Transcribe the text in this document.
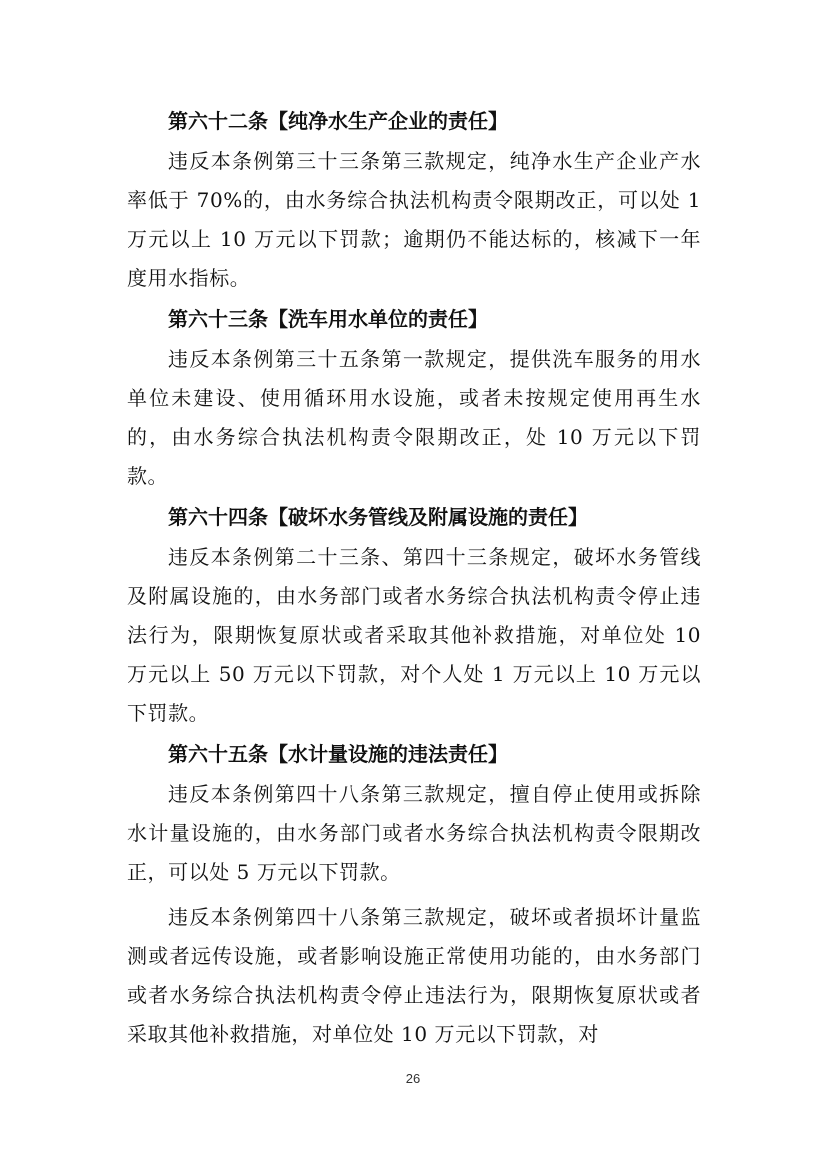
第六十二条【纯净水生产企业的责任】

违反本条例第三十三条第三款规定，纯净水生产企业产水率低于 70%的，由水务综合执法机构责令限期改正，可以处 1 万元以上 10 万元以下罚款；逾期仍不能达标的，核减下一年度用水指标。

第六十三条【洗车用水单位的责任】

违反本条例第三十五条第一款规定，提供洗车服务的用水单位未建设、使用循环用水设施，或者未按规定使用再生水的，由水务综合执法机构责令限期改正，处 10 万元以下罚款。

第六十四条【破坏水务管线及附属设施的责任】

违反本条例第二十三条、第四十三条规定，破坏水务管线及附属设施的，由水务部门或者水务综合执法机构责令停止违法行为，限期恢复原状或者采取其他补救措施，对单位处 10 万元以上 50 万元以下罚款，对个人处 1 万元以上 10 万元以下罚款。

第六十五条【水计量设施的违法责任】

违反本条例第四十八条第三款规定，擅自停止使用或拆除水计量设施的，由水务部门或者水务综合执法机构责令限期改正，可以处 5 万元以下罚款。

违反本条例第四十八条第三款规定，破坏或者损坏计量监测或者远传设施，或者影响设施正常使用功能的，由水务部门或者水务综合执法机构责令停止违法行为，限期恢复原状或者采取其他补救措施，对单位处 10 万元以下罚款，对

26
